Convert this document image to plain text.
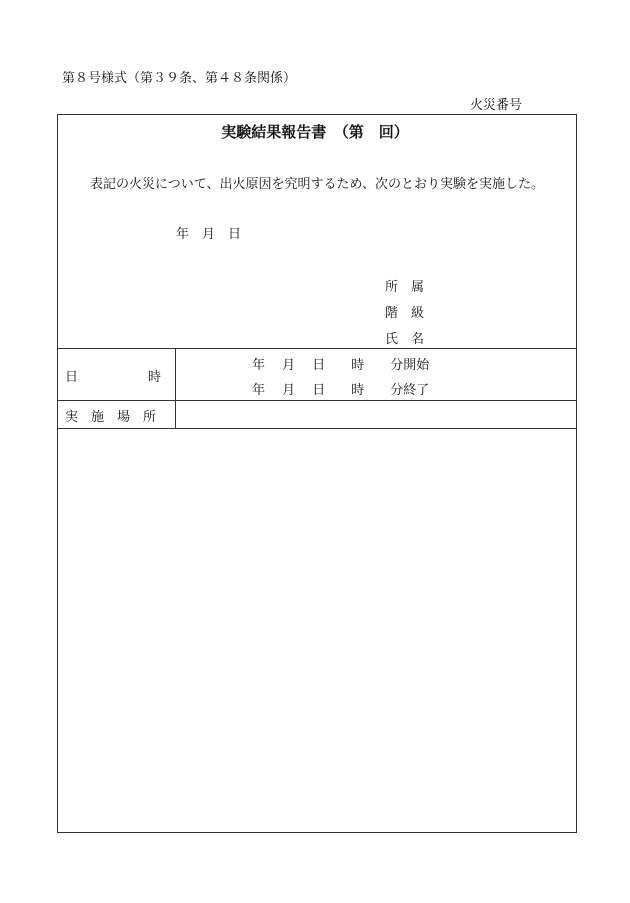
第８号様式（第３９条、第４８条関係）
火災番号
実験結果報告書　（第　回）
表記の火災について、出火原因を究明するため、次のとおり実験を実施した。
年　月　日
所　属
階　級
氏　名
日	時
年　 月　 日　　時　　分開始
年　 月　 日　　時　　分終了
実　施　場　所
